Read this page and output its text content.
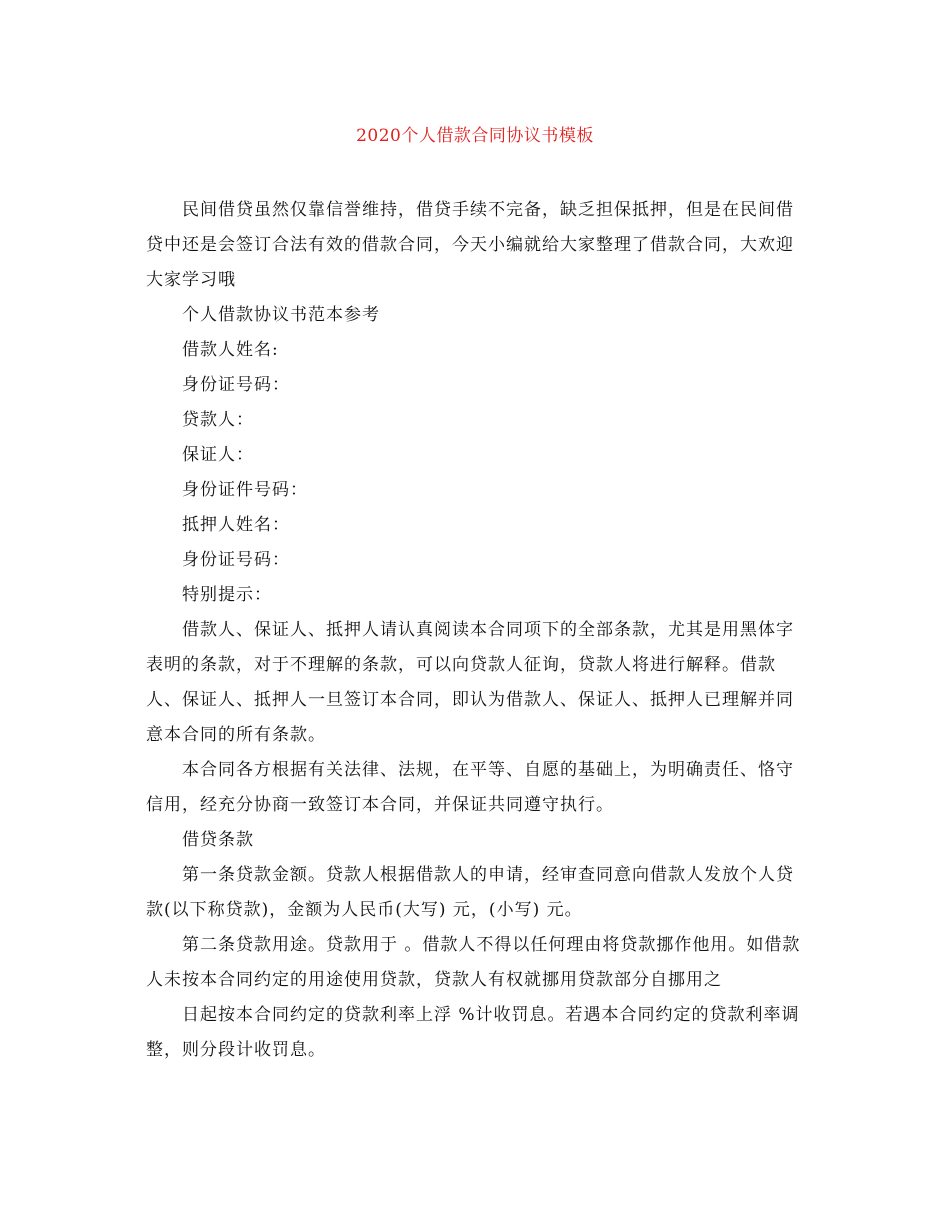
2020个人借款合同协议书模板

民间借贷虽然仅靠信誉维持，借贷手续不完备，缺乏担保抵押，但是在民间借贷中还是会签订合法有效的借款合同，今天小编就给大家整理了借款合同，大欢迎大家学习哦

个人借款协议书范本参考

借款人姓名:

身份证号码：

贷款人：

保证人：

身份证件号码：

抵押人姓名：

身份证号码：

特别提示：

借款人、保证人、抵押人请认真阅读本合同项下的全部条款，尤其是用黑体字表明的条款，对于不理解的条款，可以向贷款人征询，贷款人将进行解释。借款人、保证人、抵押人一旦签订本合同，即认为借款人、保证人、抵押人已理解并同意本合同的所有条款。

本合同各方根据有关法律、法规，在平等、自愿的基础上，为明确责任、恪守信用，经充分协商一致签订本合同，并保证共同遵守执行。

借贷条款

第一条贷款金额。贷款人根据借款人的申请，经审查同意向借款人发放个人贷款(以下称贷款)，金额为人民币(大写) 元，(小写) 元。

第二条贷款用途。贷款用于 。借款人不得以任何理由将贷款挪作他用。如借款人未按本合同约定的用途使用贷款，贷款人有权就挪用贷款部分自挪用之

日起按本合同约定的贷款利率上浮 %计收罚息。若遇本合同约定的贷款利率调整，则分段计收罚息。
